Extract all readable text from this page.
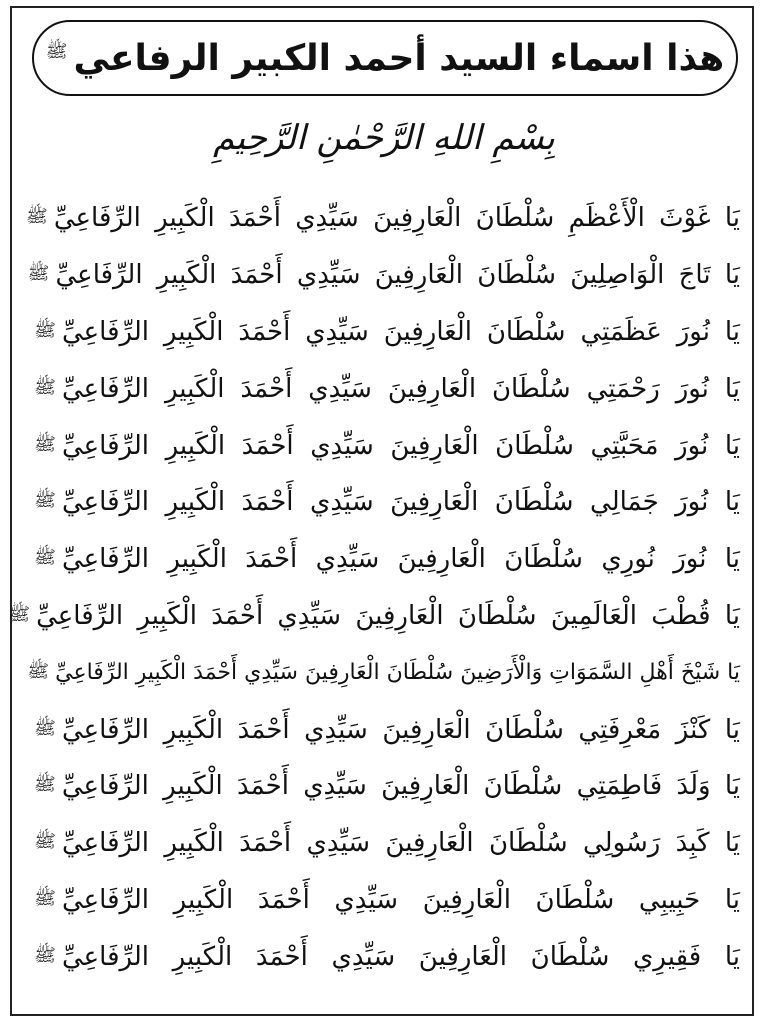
هذا اسماء السيد أحمد الكبير الرفاعي$^ﷺ$
بِسْمِ اللهِ الرَّحْمٰنِ الرَّحِيمِ
يَا غَوْثَ الْأَعْظَمِ سُلْطَانَ الْعَارِفِينَ سَيِّدِي أَحْمَدَ الْكَبِيرِ الرِّفَاعِيِّ
ﷺ
يَا تَاجَ الْوَاصِلِينَ سُلْطَانَ الْعَارِفِينَ سَيِّدِي أَحْمَدَ الْكَبِيرِ الرِّفَاعِيِّ
ﷺ
يَا نُورَ عَظَمَتِي سُلْطَانَ الْعَارِفِينَ سَيِّدِي أَحْمَدَ الْكَبِيرِ الرِّفَاعِيِّ
ﷺ
يَا نُورَ رَحْمَتِي سُلْطَانَ الْعَارِفِينَ سَيِّدِي أَحْمَدَ الْكَبِيرِ الرِّفَاعِيِّ
ﷺ
يَا نُورَ مَحَبَّتِي سُلْطَانَ الْعَارِفِينَ سَيِّدِي أَحْمَدَ الْكَبِيرِ الرِّفَاعِيِّ
ﷺ
يَا نُورَ جَمَالِي سُلْطَانَ الْعَارِفِينَ سَيِّدِي أَحْمَدَ الْكَبِيرِ الرِّفَاعِيِّ
ﷺ
يَا نُورَ نُورِي سُلْطَانَ الْعَارِفِينَ سَيِّدِي أَحْمَدَ الْكَبِيرِ الرِّفَاعِيِّ
ﷺ
يَا قُطْبَ الْعَالَمِينَ سُلْطَانَ الْعَارِفِينَ سَيِّدِي أَحْمَدَ الْكَبِيرِ الرِّفَاعِيِّ
ﷺ
يَا شَيْخَ أَهْلِ السَّمَوَاتِ وَالْأَرَضِينَ سُلْطَانَ الْعَارِفِينَ سَيِّدِي أَحْمَدَ الْكَبِيرِ الرِّفَاعِيِّ
ﷺ
يَا كَنْزَ مَعْرِفَتِي سُلْطَانَ الْعَارِفِينَ سَيِّدِي أَحْمَدَ الْكَبِيرِ الرِّفَاعِيِّ
ﷺ
يَا وَلَدَ فَاطِمَتِي سُلْطَانَ الْعَارِفِينَ سَيِّدِي أَحْمَدَ الْكَبِيرِ الرِّفَاعِيِّ
ﷺ
يَا كَبِدَ رَسُولِي سُلْطَانَ الْعَارِفِينَ سَيِّدِي أَحْمَدَ الْكَبِيرِ الرِّفَاعِيِّ
ﷺ
يَا حَبِيبِي سُلْطَانَ الْعَارِفِينَ سَيِّدِي أَحْمَدَ الْكَبِيرِ الرِّفَاعِيِّ
ﷺ
يَا فَقِيرِي سُلْطَانَ الْعَارِفِينَ سَيِّدِي أَحْمَدَ الْكَبِيرِ الرِّفَاعِيِّ
ﷺ
